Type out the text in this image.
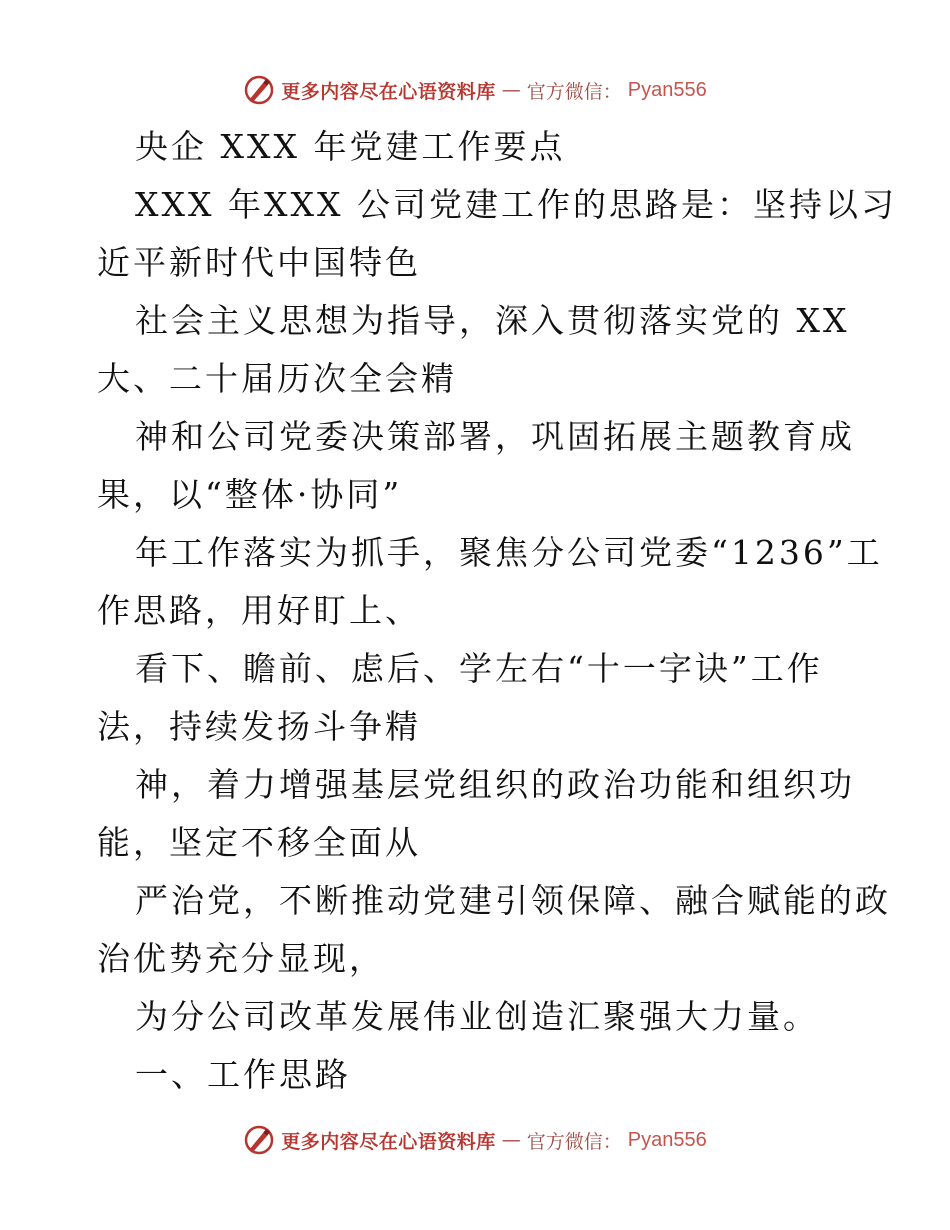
更多内容尽在心语资料库 — 官方微信： Pyan556
央企 XXX 年党建工作要点
XXX 年XXX 公司党建工作的思路是：坚持以习
近平新时代中国特色
社会主义思想为指导，深入贯彻落实党的 XX
大、二十届历次全会精
神和公司党委决策部署，巩固拓展主题教育成
果，以“整体·协同”
年工作落实为抓手，聚焦分公司党委“1236”工
作思路，用好盯上、
看下、瞻前、虑后、学左右“十一字诀”工作
法，持续发扬斗争精
神，着力增强基层党组织的政治功能和组织功
能，坚定不移全面从
严治党，不断推动党建引领保障、融合赋能的政
治优势充分显现，
为分公司改革发展伟业创造汇聚强大力量。
一、工作思路
更多内容尽在心语资料库 — 官方微信： Pyan556
